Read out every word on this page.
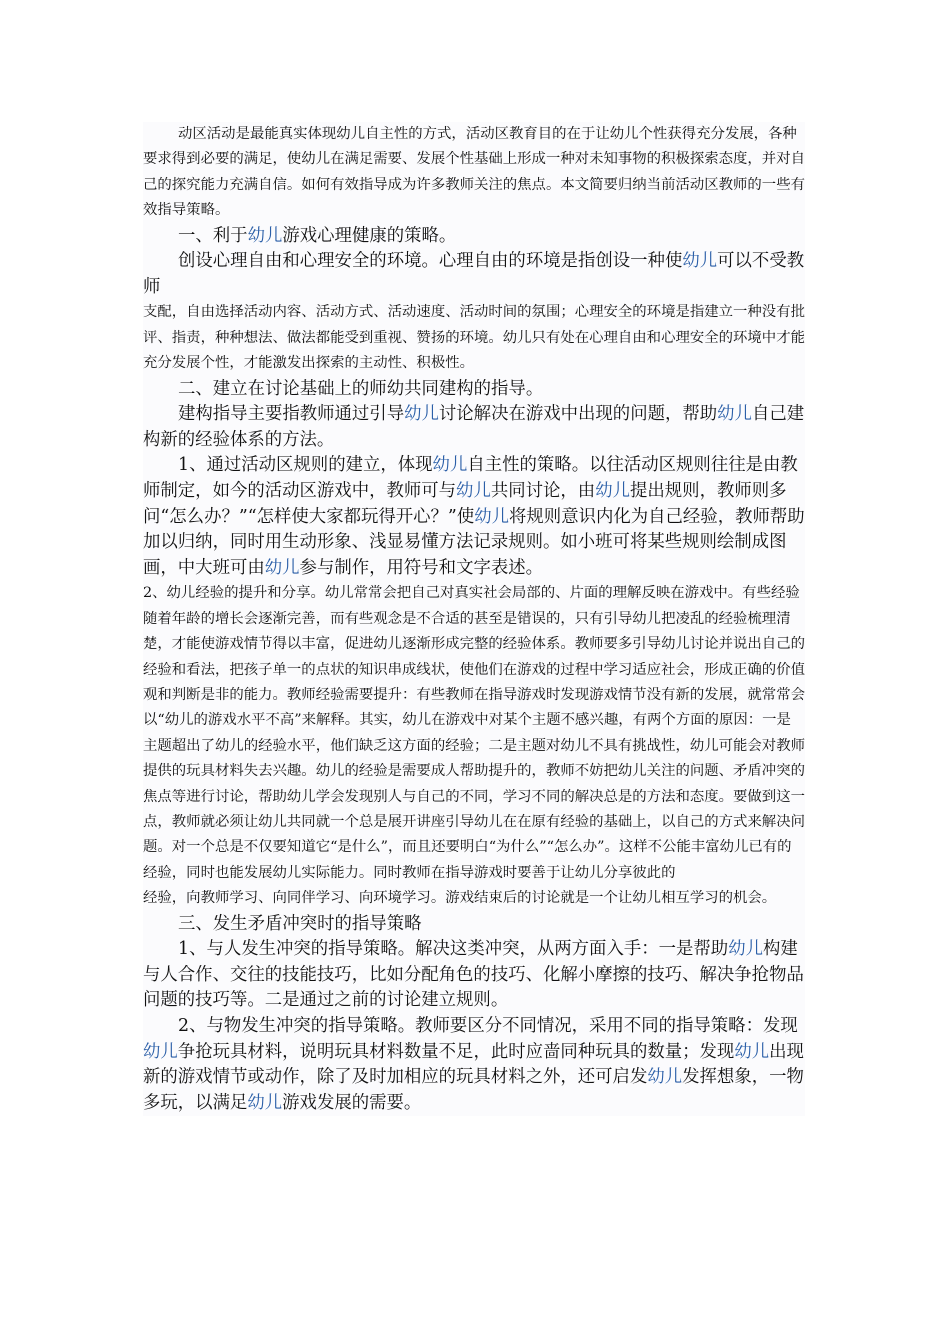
动区活动是最能真实体现幼儿自主性的方式，活动区教育目的在于让幼儿个性获得充分发展，各种要求得到必要的满足，使幼儿在满足需要、发展个性基础上形成一种对未知事物的积极探索态度，并对自己的探究能力充满自信。如何有效指导成为许多教师关注的焦点。本文简要归纳当前活动区教师的一些有效指导策略。

一、利于幼儿游戏心理健康的策略。

创设心理自由和心理安全的环境。心理自由的环境是指创设一种使幼儿可以不受教师

支配，自由选择活动内容、活动方式、活动速度、活动时间的氛围；心理安全的环境是指建立一种没有批评、指责，种种想法、做法都能受到重视、赞扬的环境。幼儿只有处在心理自由和心理安全的环境中才能充分发展个性，才能激发出探索的主动性、积极性。

二、建立在讨论基础上的师幼共同建构的指导。

建构指导主要指教师通过引导幼儿讨论解决在游戏中出现的问题，帮助幼儿自己建构新的经验体系的方法。

1、通过活动区规则的建立，体现幼儿自主性的策略。以往活动区规则往往是由教师制定，如今的活动区游戏中，教师可与幼儿共同讨论，由幼儿提出规则，教师则多问“怎么办？”“怎样使大家都玩得开心？”使幼儿将规则意识内化为自己经验，教师帮助加以归纳，同时用生动形象、浅显易懂方法记录规则。如小班可将某些规则绘制成图画，中大班可由幼儿参与制作，用符号和文字表述。

2、幼儿经验的提升和分享。幼儿常常会把自己对真实社会局部的、片面的理解反映在游戏中。有些经验随着年龄的增长会逐渐完善，而有些观念是不合适的甚至是错误的，只有引导幼儿把凌乱的经验梳理清楚，才能使游戏情节得以丰富，促进幼儿逐渐形成完整的经验体系。教师要多引导幼儿讨论并说出自己的经验和看法，把孩子单一的点状的知识串成线状，使他们在游戏的过程中学习适应社会，形成正确的价值观和判断是非的能力。教师经验需要提升：有些教师在指导游戏时发现游戏情节没有新的发展，就常常会以“幼儿的游戏水平不高”来解释。其实，幼儿在游戏中对某个主题不感兴趣，有两个方面的原因：一是主题超出了幼儿的经验水平，他们缺乏这方面的经验；二是主题对幼儿不具有挑战性，幼儿可能会对教师提供的玩具材料失去兴趣。幼儿的经验是需要成人帮助提升的，教师不妨把幼儿关注的问题、矛盾冲突的焦点等进行讨论，帮助幼儿学会发现别人与自己的不同，学习不同的解决总是的方法和态度。要做到这一点，教师就必须让幼儿共同就一个总是展开讲座引导幼儿在在原有经验的基础上，以自己的方式来解决问题。对一个总是不仅要知道它“是什么”，而且还要明白“为什么”“怎么办”。这样不公能丰富幼儿已有的经验，同时也能发展幼儿实际能力。同时教师在指导游戏时要善于让幼儿分享彼此的

经验，向教师学习、向同伴学习、向环境学习。游戏结束后的讨论就是一个让幼儿相互学习的机会。

三、发生矛盾冲突时的指导策略

1、与人发生冲突的指导策略。解决这类冲突，从两方面入手：一是帮助幼儿构建与人合作、交往的技能技巧，比如分配角色的技巧、化解小摩擦的技巧、解决争抢物品问题的技巧等。二是通过之前的讨论建立规则。

2、与物发生冲突的指导策略。教师要区分不同情况，采用不同的指导策略：发现幼儿争抢玩具材料，说明玩具材料数量不足，此时应啬同种玩具的数量；发现幼儿出现新的游戏情节或动作，除了及时加相应的玩具材料之外，还可启发幼儿发挥想象，一物多玩，以满足幼儿游戏发展的需要。
